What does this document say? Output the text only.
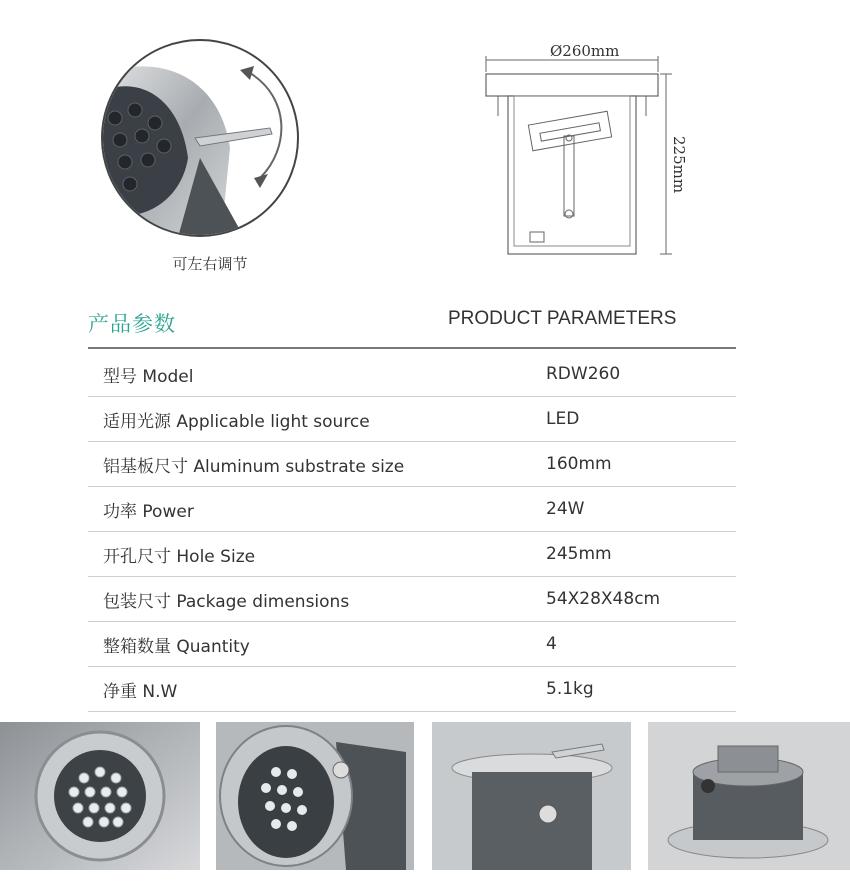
可左右调节
Ø260mm
225mm
产品参数	PRODUCT PARAMETERS
型号 Model	RDW260
适用光源 Applicable light source	LED
铝基板尺寸 Aluminum substrate size	160mm
功率 Power	24W
开孔尺寸 Hole Size	245mm
包装尺寸 Package dimensions	54X28X48cm
整箱数量 Quantity	4
净重 N.W	5.1kg
